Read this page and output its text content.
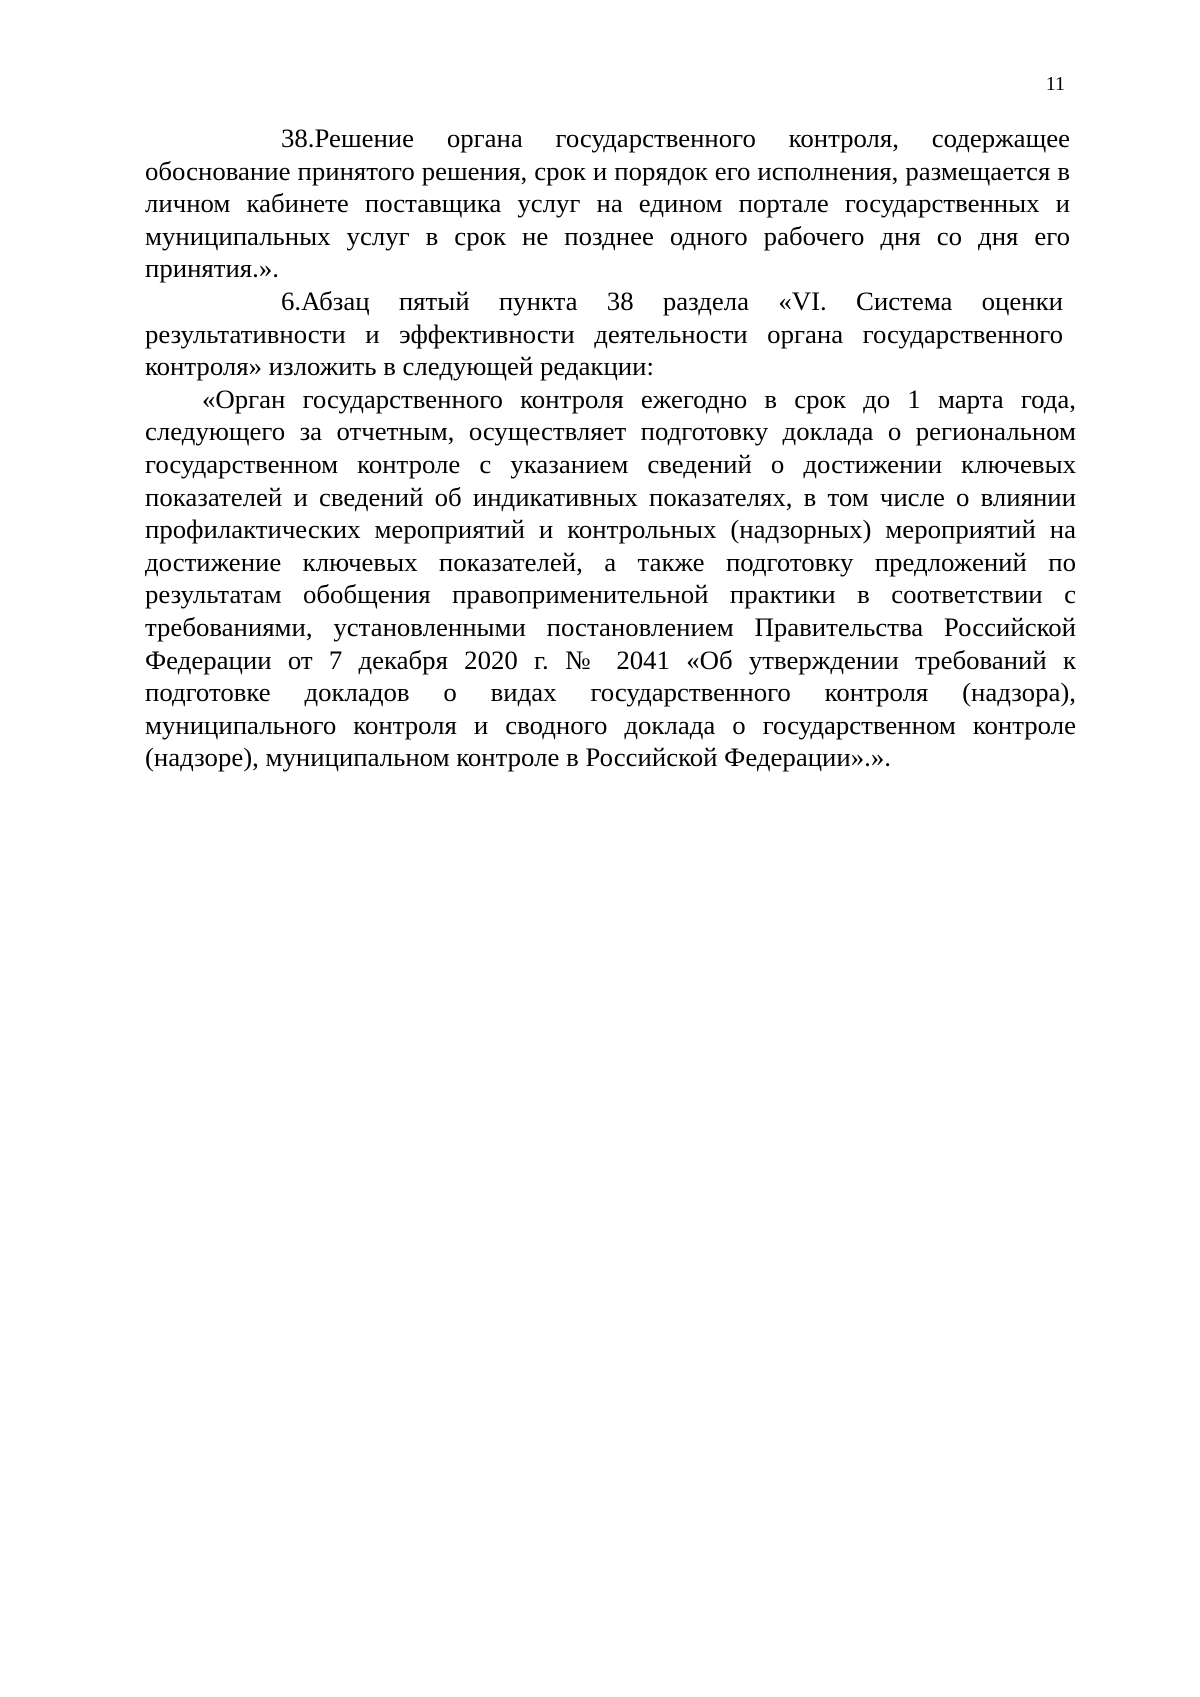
11

38.Решение органа государственного контроля, содержащее обоснование принятого решения, срок и порядок его исполнения, размещается в личном кабинете поставщика услуг на едином портале государственных и муниципальных услуг в срок не позднее одного рабочего дня со дня его принятия.».

6.Абзац пятый пункта 38 раздела «VI. Система оценки результативности и эффективности деятельности органа государственного контроля» изложить в следующей редакции:

«Орган государственного контроля ежегодно в срок до 1 марта года, следующего за отчетным, осуществляет подготовку доклада о региональном государственном контроле с указанием сведений о достижении ключевых показателей и сведений об индикативных показателях, в том числе о влиянии профилактических мероприятий и контрольных (надзорных) мероприятий на достижение ключевых показателей, а также подготовку предложений по результатам обобщения правоприменительной практики в соответствии с требованиями, установленными постановлением Правительства Российской Федерации от 7 декабря 2020 г. № 2041 «Об утверждении требований к подготовке докладов о видах государственного контроля (надзора), муниципального контроля и сводного доклада о государственном контроле (надзоре), муниципальном контроле в Российской Федерации».».
